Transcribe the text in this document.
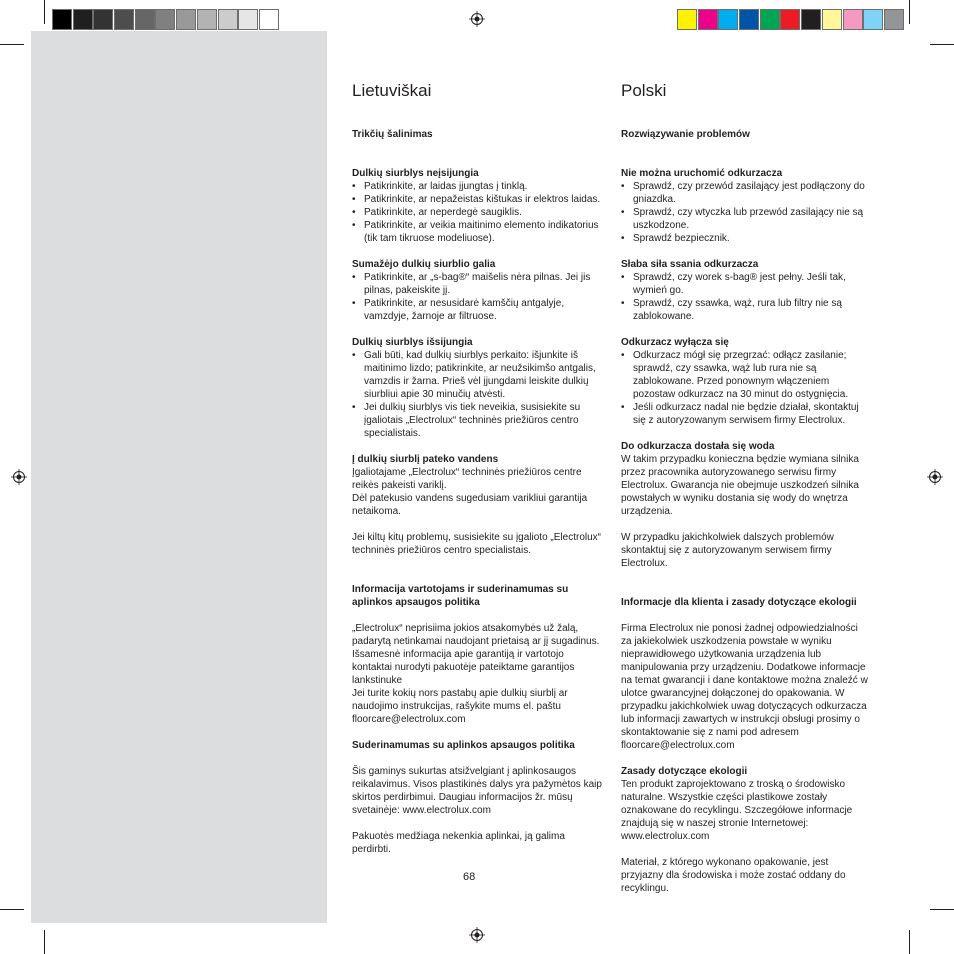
Lietuviškai

Trikčių šalinimas

Dulkių siurblys neįsijungia

• Patikrinkite, ar laidas įjungtas į tinklą.
• Patikrinkite, ar nepažeistas kištukas ir elektros laidas.
• Patikrinkite, ar neperdegė saugiklis.
• Patikrinkite, ar veikia maitinimo elemento indikatorius (tik tam tikruose modeliuose).

Sumažėjo dulkių siurblio galia

• Patikrinkite, ar „s-bag®“ maišelis nėra pilnas. Jei jis pilnas, pakeiskite jį.
• Patikrinkite, ar nesusidarė kamščių antgalyje, vamzdyje, žarnoje ar filtruose.

Dulkių siurblys išsijungia

• Gali būti, kad dulkių siurblys perkaito: išjunkite iš maitinimo lizdo; patikrinkite, ar neužsikimšo antgalis, vamzdis ir žarna. Prieš vėl įjungdami leiskite dulkių siurbliui apie 30 minučių atvėsti.
• Jei dulkių siurblys vis tiek neveikia, susisiekite su įgaliotais „Electrolux“ techninės priežiūros centro specialistais.

Į dulkių siurblį pateko vandens

Įgaliotajame „Electrolux“ techninės priežiūros centre reikės pakeisti variklį.

Dėl patekusio vandens sugedusiam varikliui garantija netaikoma.

Jei kiltų kitų problemų, susisiekite su įgalioto „Electrolux“ techninės priežiūros centro specialistais.

Informacija vartotojams ir suderinamumas su aplinkos apsaugos politika

„Electrolux“ neprisiima jokios atsakomybės už žalą, padarytą netinkamai naudojant prietaisą ar jį sugadinus. Išsamesnė informacija apie garantiją ir vartotojo kontaktai nurodyti pakuotėje pateiktame garantijos lankstinuke

Jei turite kokių nors pastabų apie dulkių siurblį ar naudojimo instrukcijas, rašykite mums el. paštu floorcare@electrolux.com

Suderinamumas su aplinkos apsaugos politika

Šis gaminys sukurtas atsižvelgiant į aplinkosaugos reikalavimus. Visos plastikinės dalys yra pažymėtos kaip skirtos perdirbimui. Daugiau informacijos žr. mūsų svetainėje: www.electrolux.com

Pakuotės medžiaga nekenkia aplinkai, ją galima perdirbti.

Polski

Rozwiązywanie problemów

Nie można uruchomić odkurzacza

• Sprawdź, czy przewód zasilający jest podłączony do gniazdka.
• Sprawdź, czy wtyczka lub przewód zasilający nie są uszkodzone.
• Sprawdź bezpiecznik.

Słaba siła ssania odkurzacza

• Sprawdź, czy worek s-bag® jest pełny. Jeśli tak, wymień go.
• Sprawdź, czy ssawka, wąż, rura lub filtry nie są zablokowane.

Odkurzacz wyłącza się

• Odkurzacz mógł się przegrzać: odłącz zasilanie; sprawdź, czy ssawka, wąż lub rura nie są zablokowane. Przed ponownym włączeniem pozostaw odkurzacz na 30 minut do ostygnięcia.
• Jeśli odkurzacz nadal nie będzie działał, skontaktuj się z autoryzowanym serwisem firmy Electrolux.

Do odkurzacza dostała się woda

W takim przypadku konieczna będzie wymiana silnika przez pracownika autoryzowanego serwisu firmy Electrolux. Gwarancja nie obejmuje uszkodzeń silnika powstałych w wyniku dostania się wody do wnętrza urządzenia.

W przypadku jakichkolwiek dalszych problemów skontaktuj się z autoryzowanym serwisem firmy Electrolux.

Informacje dla klienta i zasady dotyczące ekologii

Firma Electrolux nie ponosi żadnej odpowiedzialności za jakiekolwiek uszkodzenia powstałe w wyniku nieprawidłowego użytkowania urządzenia lub manipulowania przy urządzeniu. Dodatkowe informacje na temat gwarancji i dane kontaktowe można znaleźć w ulotce gwarancyjnej dołączonej do opakowania. W przypadku jakichkolwiek uwag dotyczących odkurzacza lub informacji zawartych w instrukcji obsługi prosimy o skontaktowanie się z nami pod adresem floorcare@electrolux.com

Zasady dotyczące ekologii

Ten produkt zaprojektowano z troską o środowisko naturalne. Wszystkie części plastikowe zostały oznakowane do recyklingu. Szczegółowe informacje znajdują się w naszej stronie Internetowej: www.electrolux.com

Materiał, z którego wykonano opakowanie, jest przyjazny dla środowiska i może zostać oddany do recyklingu.

68
